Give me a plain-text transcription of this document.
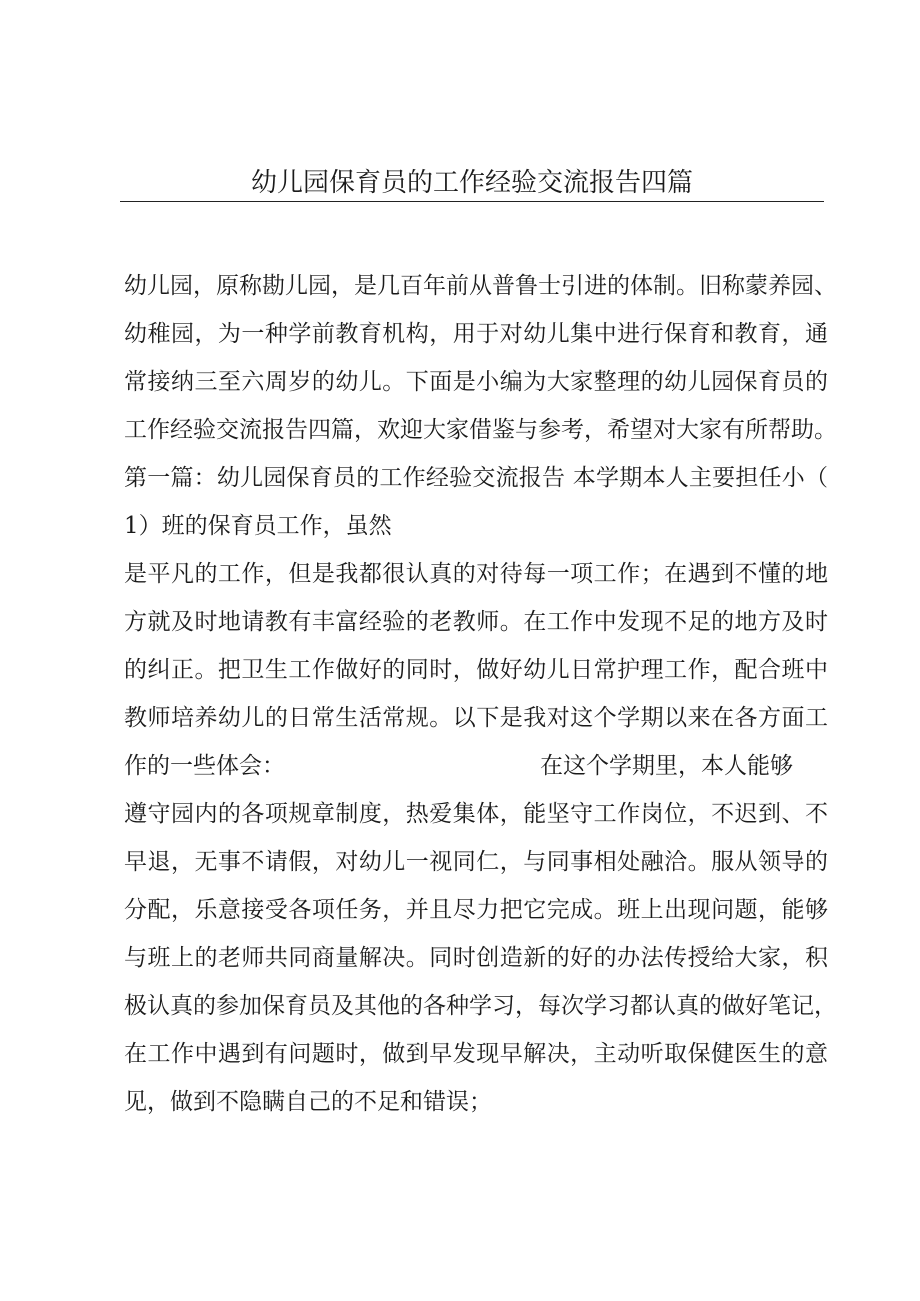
幼儿园保育员的工作经验交流报告四篇
幼儿园，原称勘儿园，是几百年前从普鲁士引进的体制。旧称蒙养园、
幼稚园，为一种学前教育机构，用于对幼儿集中进行保育和教育，通
常接纳三至六周岁的幼儿。下面是小编为大家整理的幼儿园保育员的
工作经验交流报告四篇，欢迎大家借鉴与参考，希望对大家有所帮助。
第一篇：幼儿园保育员的工作经验交流报告 本学期本人主要担任小（
1）班的保育员工作，虽然
是平凡的工作，但是我都很认真的对待每一项工作；在遇到不懂的地
方就及时地请教有丰富经验的老教师。在工作中发现不足的地方及时
的纠正。把卫生工作做好的同时，做好幼儿日常护理工作，配合班中
教师培养幼儿的日常生活常规。以下是我对这个学期以来在各方面工
作的一些体会：	在这个学期里，本人能够
遵守园内的各项规章制度，热爱集体，能坚守工作岗位，不迟到、不
早退，无事不请假，对幼儿一视同仁，与同事相处融洽。服从领导的
分配，乐意接受各项任务，并且尽力把它完成。班上出现问题，能够
与班上的老师共同商量解决。同时创造新的好的办法传授给大家，积
极认真的参加保育员及其他的各种学习，每次学习都认真的做好笔记，
在工作中遇到有问题时，做到早发现早解决，主动听取保健医生的意
见，做到不隐瞒自己的不足和错误；
